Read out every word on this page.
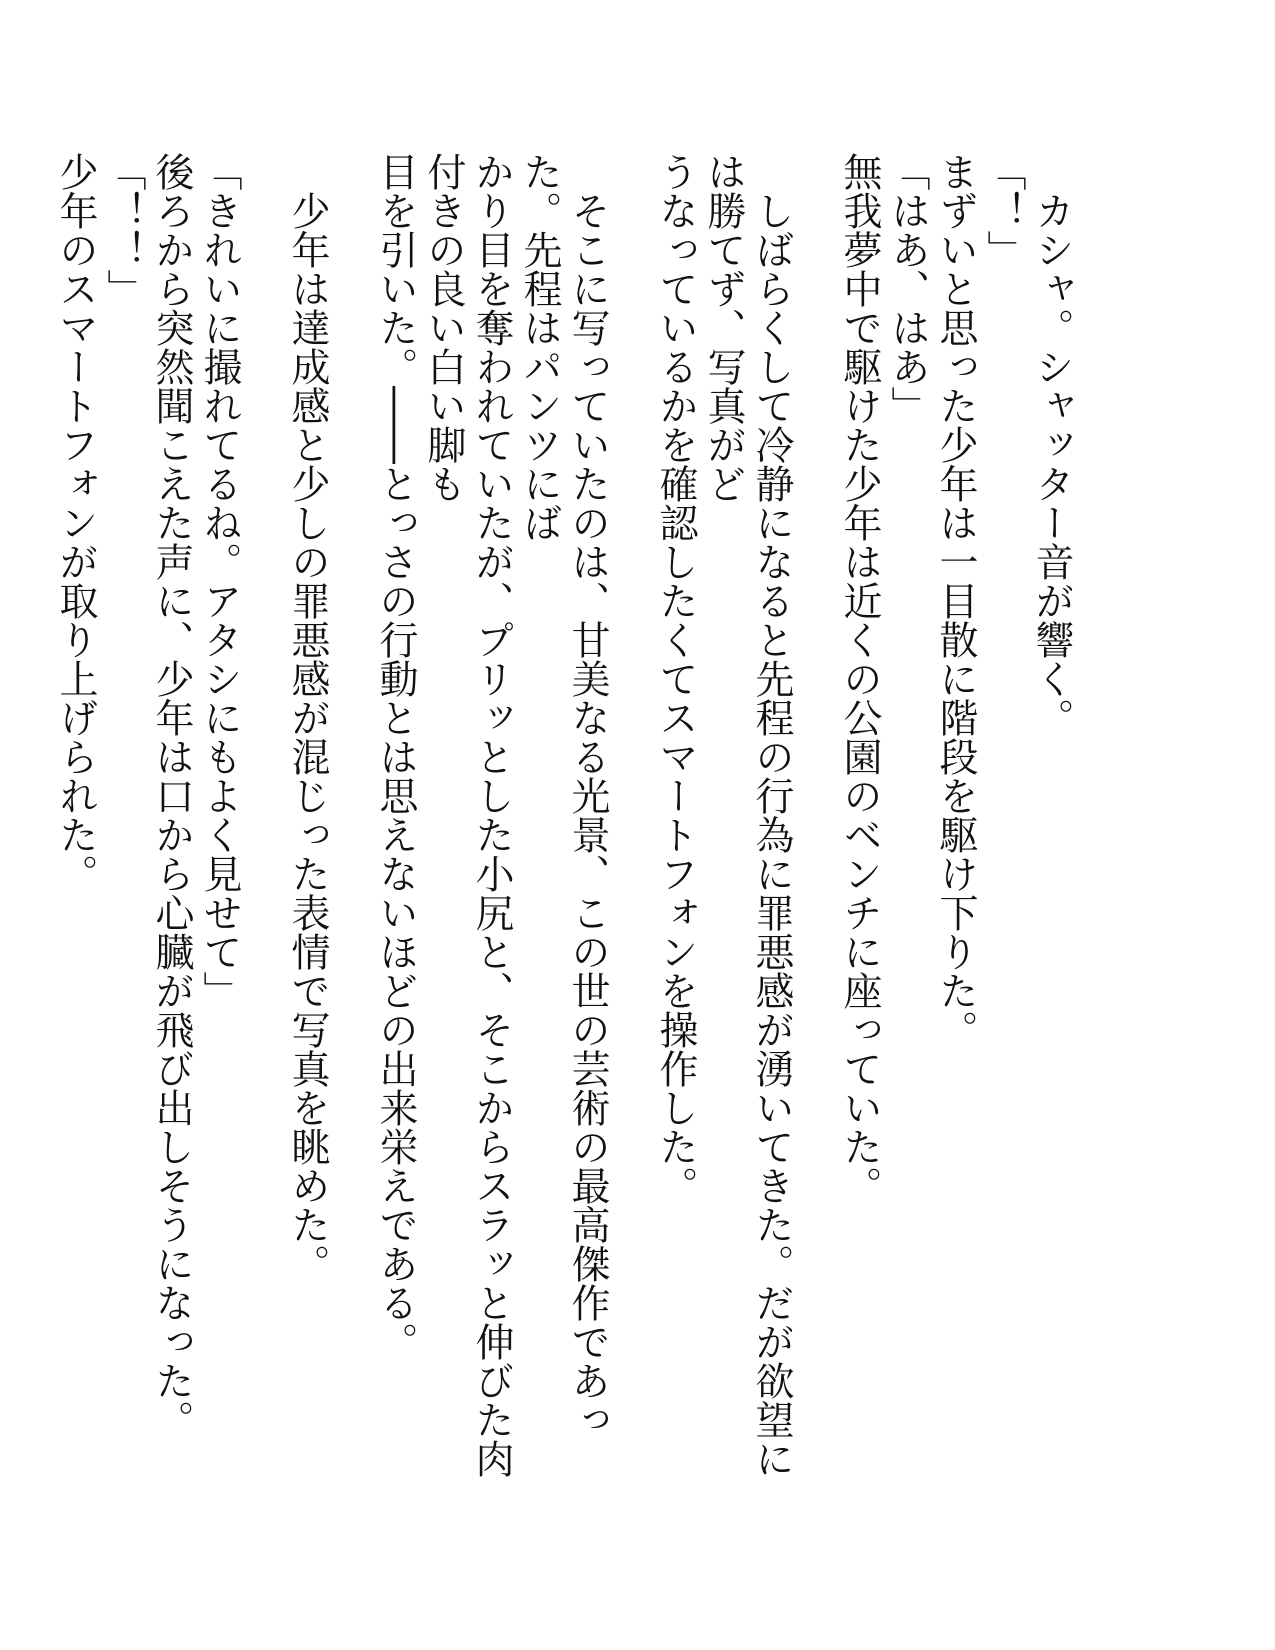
カシャ。シャッター音が響く。

「！」

まずいと思った少年は一目散に階段を駆け下りた。

「はあ、はあ」

無我夢中で駆けた少年は近くの公園のベンチに座っていた。

しばらくして冷静になると先程の行為に罪悪感が湧いてきた。だが欲望には勝てず、写真がど

うなっているかを確認したくてスマートフォンを操作した。

そこに写っていたのは、甘美なる光景、この世の芸術の最高傑作であった。先程はパンツにば

かり目を奪われていたが、プリッとした小尻と、そこからスラッと伸びた肉付きの良い白い脚も

目を引いた。――とっさの行動とは思えないほどの出来栄えである。

少年は達成感と少しの罪悪感が混じった表情で写真を眺めた。

「きれいに撮れてるね。アタシにもよく見せて」

後ろから突然聞こえた声に、少年は口から心臓が飛び出しそうになった。

「！！」

少年のスマートフォンが取り上げられた。
